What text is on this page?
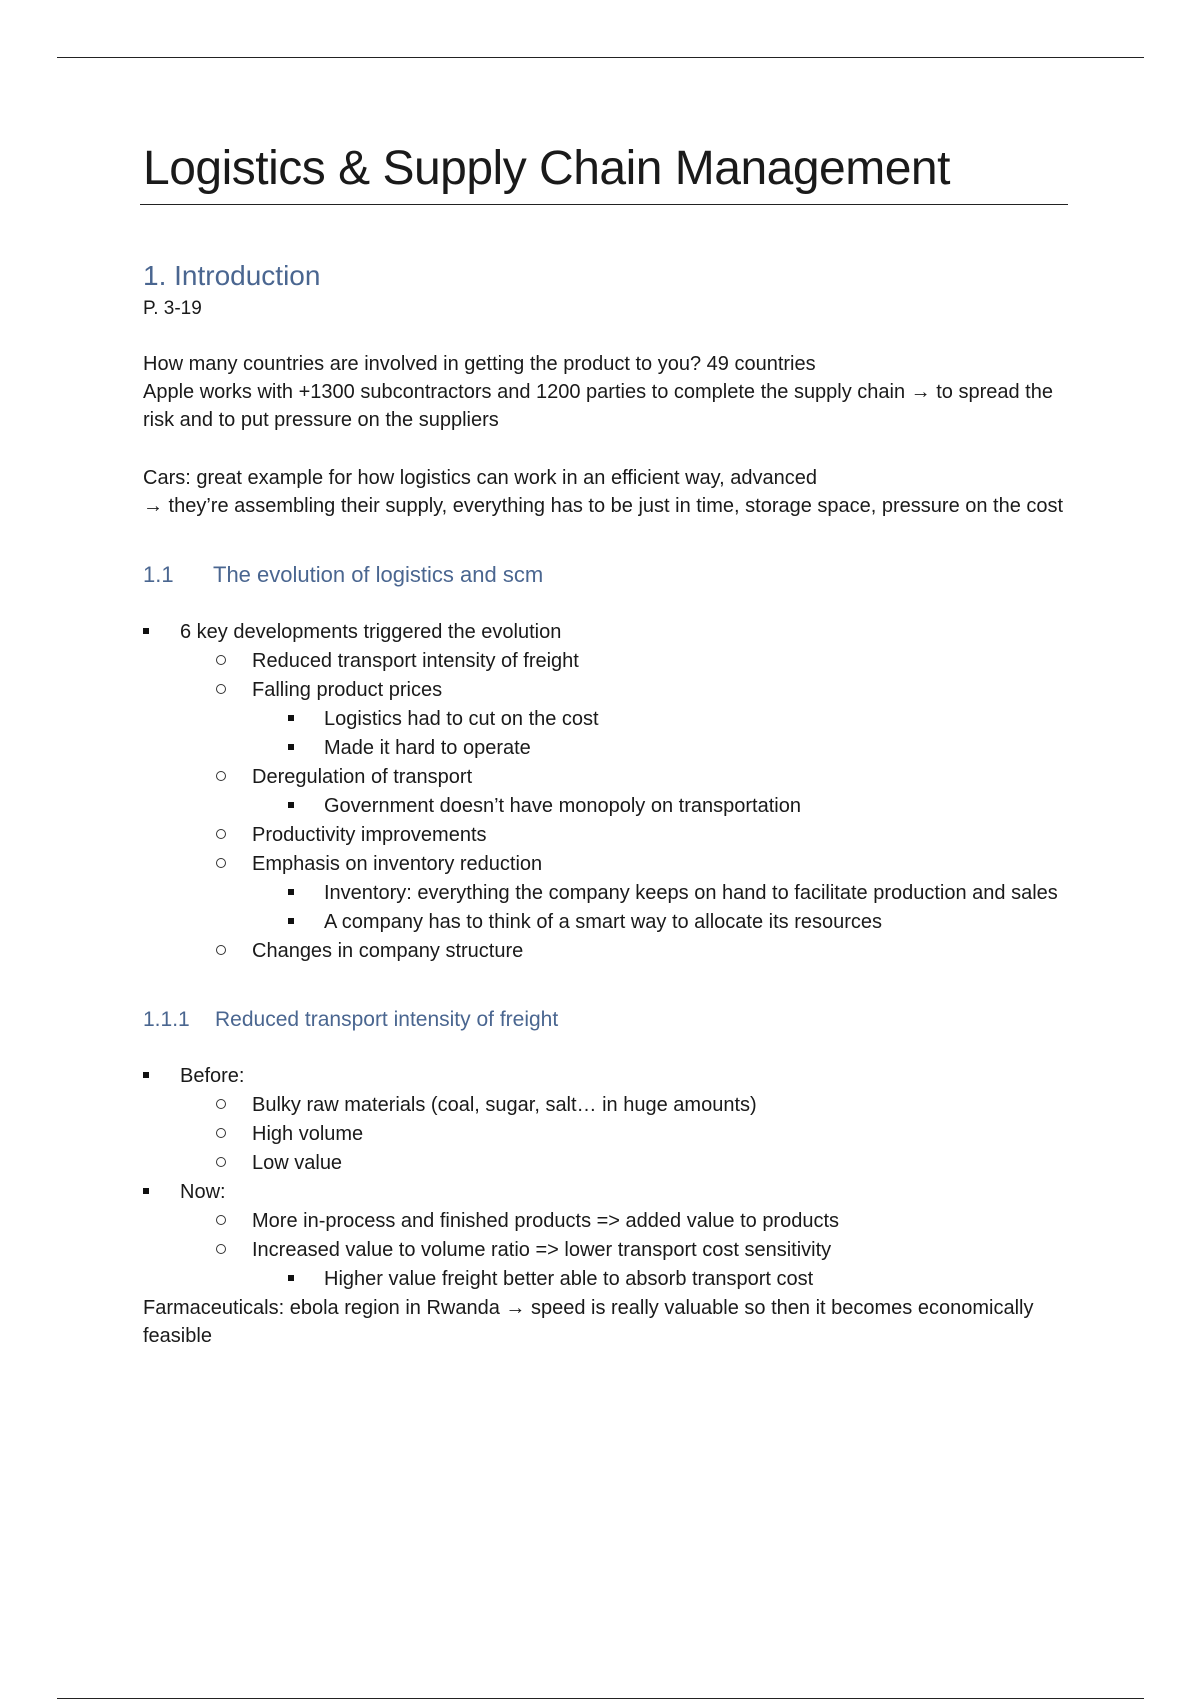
Logistics & Supply Chain Management
1. Introduction
P. 3-19

How many countries are involved in getting the product to you? 49 countries

Apple works with +1300 subcontractors and 1200 parties to complete the supply chain → to spread the risk and to put pressure on the suppliers

Cars: great example for how logistics can work in an efficient way, advanced

→ they’re assembling their supply, everything has to be just in time, storage space, pressure on the cost

1.1 The evolution of logistics and scm
6 key developments triggered the evolution
Reduced transport intensity of freight
Falling product prices
Logistics had to cut on the cost
Made it hard to operate
Deregulation of transport
Government doesn’t have monopoly on transportation
Productivity improvements
Emphasis on inventory reduction
Inventory: everything the company keeps on hand to facilitate production and sales
A company has to think of a smart way to allocate its resources
Changes in company structure
1.1.1 Reduced transport intensity of freight
Before:
Bulky raw materials (coal, sugar, salt… in huge amounts)
High volume
Low value
Now:
More in-process and finished products => added value to products
Increased value to volume ratio => lower transport cost sensitivity
Higher value freight better able to absorb transport cost

Farmaceuticals: ebola region in Rwanda → speed is really valuable so then it becomes economically feasible
